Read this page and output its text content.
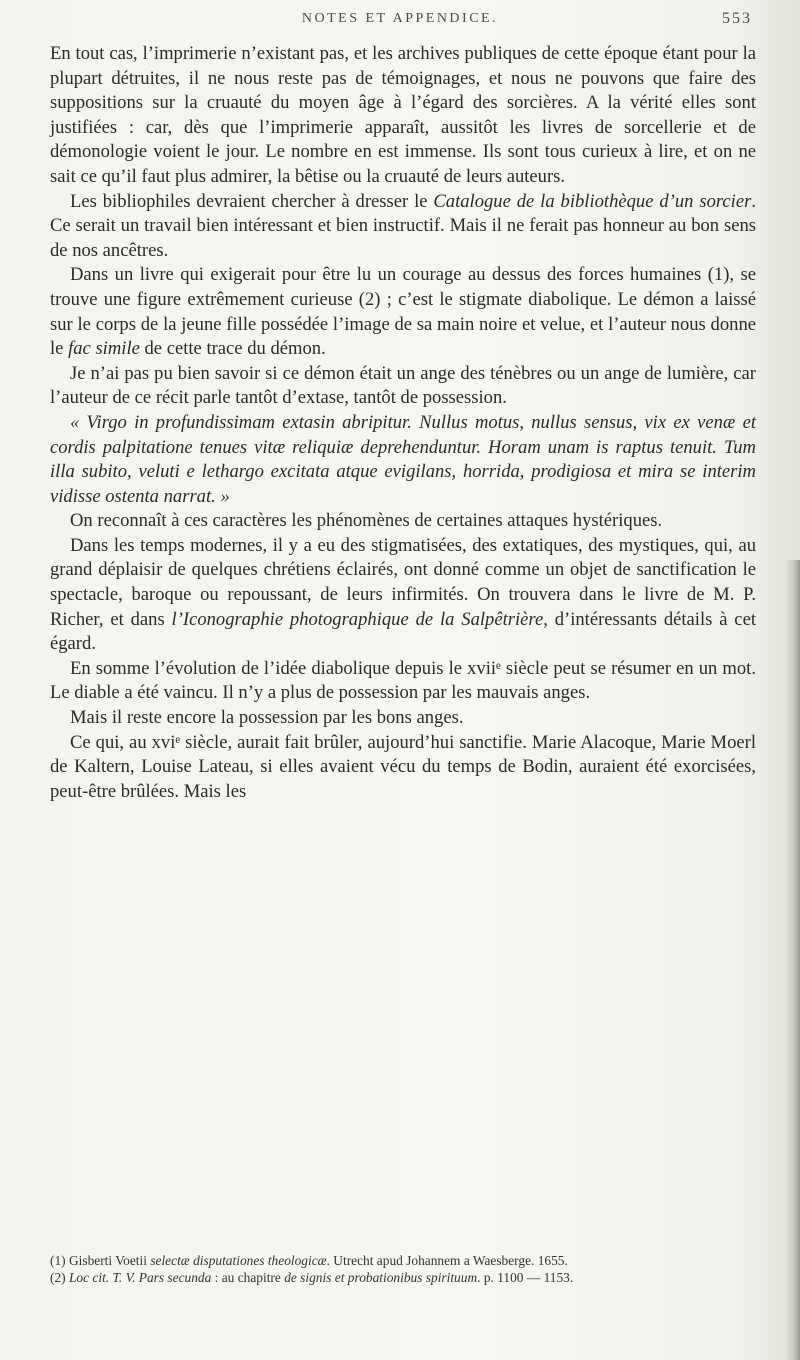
NOTES ET APPENDICE.	553

En tout cas, l’imprimerie n’existant pas, et les archives publiques de cette époque étant pour la plupart détruites, il ne nous reste pas de témoignages, et nous ne pouvons que faire des suppositions sur la cruauté du moyen âge à l’égard des sorcières. A la vérité elles sont justifiées : car, dès que l’imprimerie apparaît, aussitôt les livres de sorcellerie et de démonologie voient le jour. Le nombre en est immense. Ils sont tous curieux à lire, et on ne sait ce qu’il faut plus admirer, la bêtise ou la cruauté de leurs auteurs.

Les bibliophiles devraient chercher à dresser le Catalogue de la bibliothèque d’un sorcier. Ce serait un travail bien intéressant et bien instructif. Mais il ne ferait pas honneur au bon sens de nos ancêtres.

Dans un livre qui exigerait pour être lu un courage au dessus des forces humaines (1), se trouve une figure extrêmement curieuse (2) ; c’est le stigmate diabolique. Le démon a laissé sur le corps de la jeune fille possédée l’image de sa main noire et velue, et l’auteur nous donne le fac simile de cette trace du démon.

Je n’ai pas pu bien savoir si ce démon était un ange des ténèbres ou un ange de lumière, car l’auteur de ce récit parle tantôt d’extase, tantôt de possession.

« Virgo in profundissimam extasin abripitur. Nullus motus, nullus sensus, vix ex venæ et cordis palpitatione tenues vitæ reliquiæ deprehenduntur. Horam unam is raptus tenuit. Tum illa subito, veluti e lethargo excitata atque evigilans, horrida, prodigiosa et mira se interim vidisse ostenta narrat. »

On reconnaît à ces caractères les phénomènes de certaines attaques hystériques.

Dans les temps modernes, il y a eu des stigmatisées, des extatiques, des mystiques, qui, au grand déplaisir de quelques chrétiens éclairés, ont donné comme un objet de sanctification le spectacle, baroque ou repoussant, de leurs infirmités. On trouvera dans le livre de M. P. Richer, et dans l’Iconographie photographique de la Salpêtrière, d’intéressants détails à cet égard.

En somme l’évolution de l’idée diabolique depuis le xviiᵉ siècle peut se résumer en un mot. Le diable a été vaincu. Il n’y a plus de possession par les mauvais anges.

Mais il reste encore la possession par les bons anges.

Ce qui, au xviᵉ siècle, aurait fait brûler, aujourd’hui sanctifie. Marie Alacoque, Marie Moerl de Kaltern, Louise Lateau, si elles avaient vécu du temps de Bodin, auraient été exorcisées, peut-être brûlées. Mais les

(1) Gisberti Voetii selectæ disputationes theologicæ. Utrecht apud Johannem a Waesberge. 1655.

(2) Loc cit. T. V. Pars secunda : au chapitre de signis et probationibus spirituum. p. 1100 — 1153.
